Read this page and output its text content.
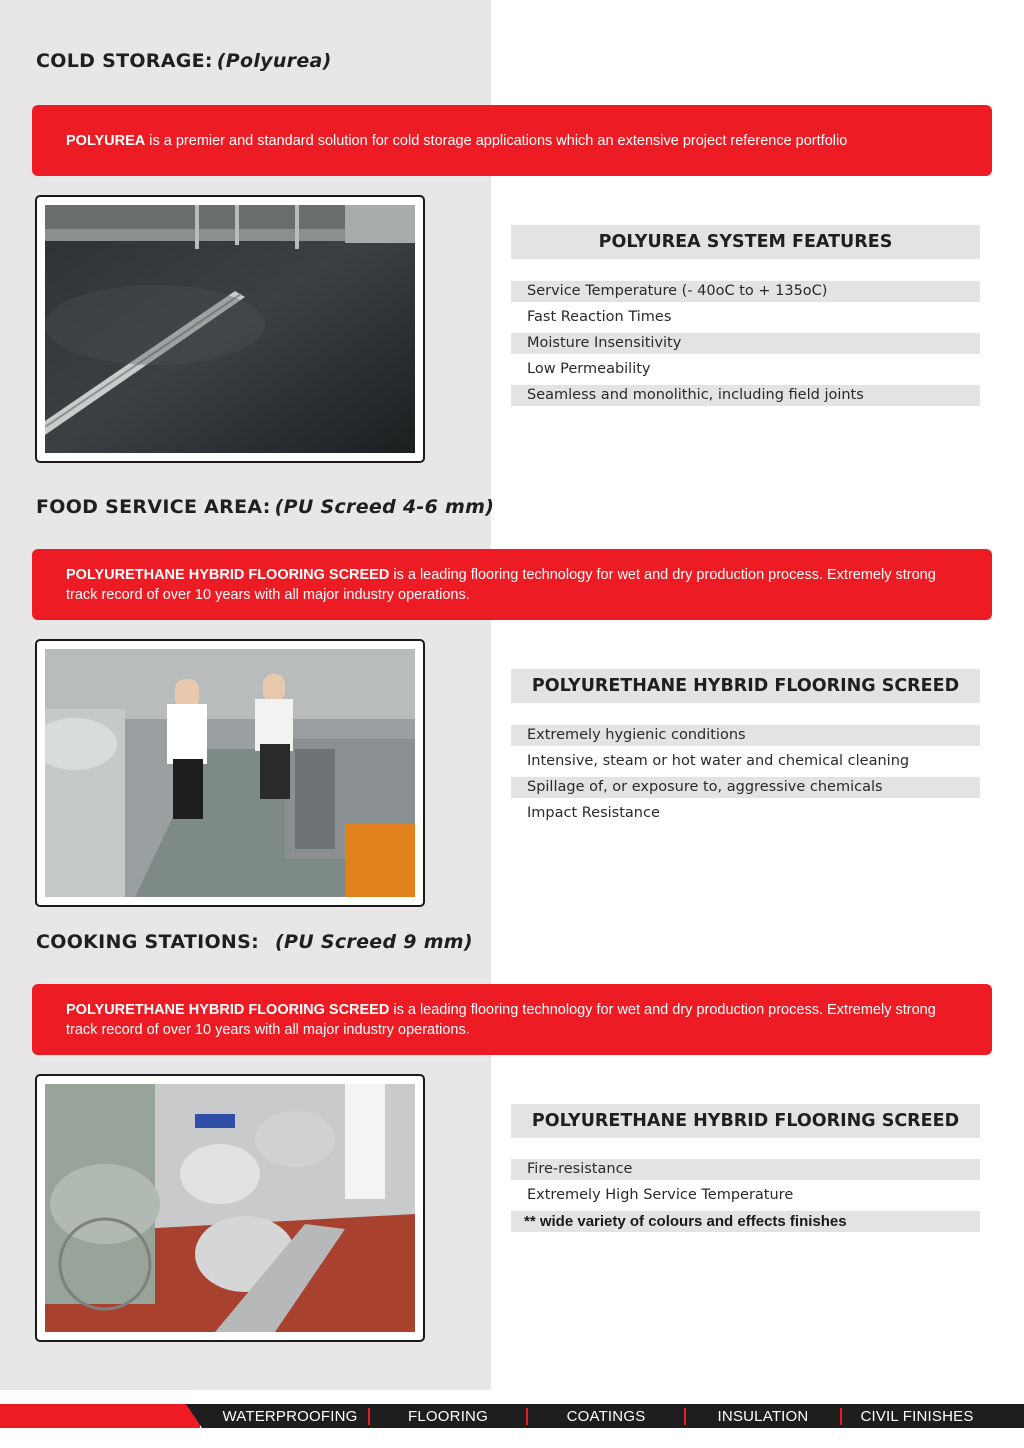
COLD STORAGE: (Polyurea)
POLYUREA is a premier and standard solution for cold storage applications which an extensive project reference portfolio
POLYUREA SYSTEM FEATURES
Service Temperature (- 40oC to + 135oC)
Fast Reaction Times
Moisture Insensitivity
Low Permeability
Seamless and monolithic, including field joints
FOOD SERVICE AREA: (PU Screed 4-6 mm)
POLYURETHANE HYBRID FLOORING SCREED is a leading flooring technology for wet and dry production process. Extremely strong track record of over 10 years with all major industry operations.
POLYURETHANE HYBRID FLOORING SCREED
Extremely hygienic conditions
Intensive, steam or hot water and chemical cleaning
Spillage of, or exposure to, aggressive chemicals
Impact Resistance
COOKING STATIONS: (PU Screed 9 mm)
POLYURETHANE HYBRID FLOORING SCREED is a leading flooring technology for wet and dry production process. Extremely strong track record of over 10 years with all major industry operations.
POLYURETHANE HYBRID FLOORING SCREED
Fire-resistance
Extremely High Service Temperature
** wide variety of colours and effects finishes
WATERPROOFING	FLOORING	COATINGS	INSULATION	CIVIL FINISHES
